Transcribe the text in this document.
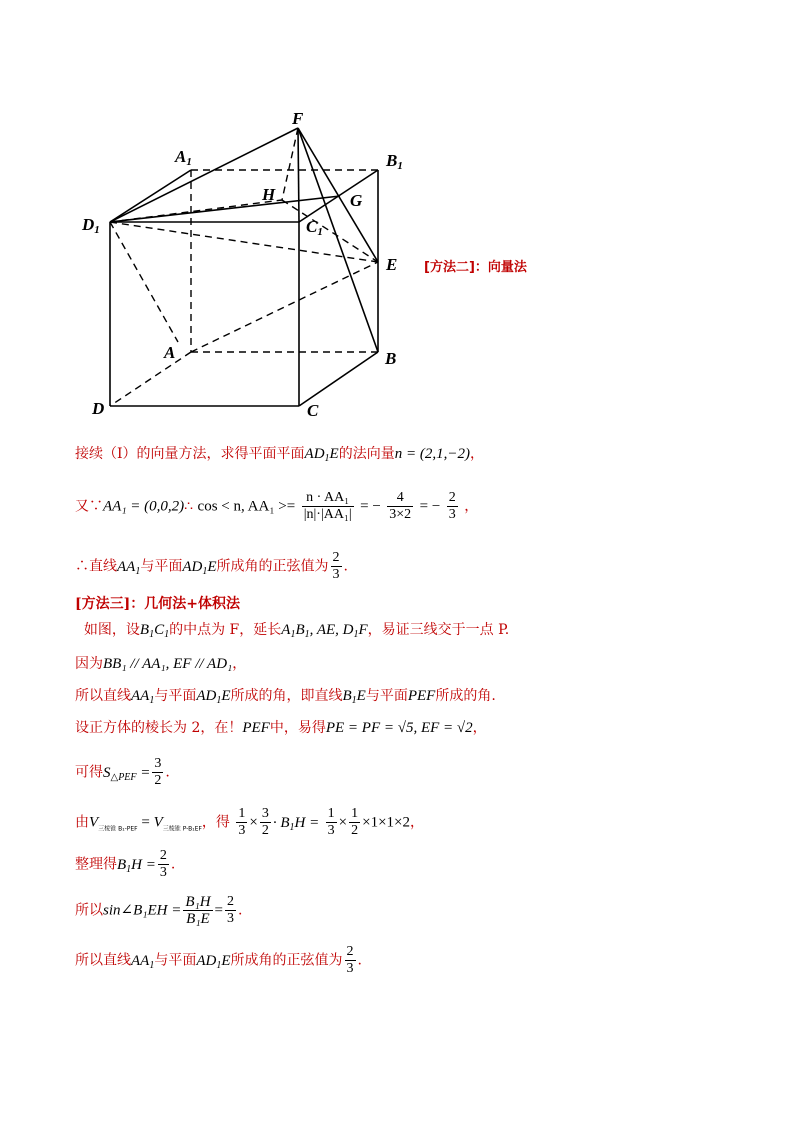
F
A1	B1
H	G
D1	C1
E
A	B
D	C
[方法二]：向量法
接续（I）的向量方法，求得平面平面$AD_1E$的法向量n = (2,1,−2)，
又∵AA₁ = (0,0,2)∴ cos < n, $AA_1 >= \frac{\text{n · AA₁}}{\text{|n|·|AA₁|}}$ = − $\frac{4}{3\times 2}$ = − $\frac{2}{3}$ ，
∴直线$AA_1$与平面$AD_1E$所成角的正弦值为 $\frac{2}{3}$ .
[方法三]：几何法+体积法
如图，设$B_1C_1$的中点为 F，延长$A_1B_1$, AE, $D_1F$，易证三线交于一点 P.
因为BB₁ // AA₁, EF // AD₁，
所以直线$AA_1$与平面$AD_1E$所成的角，即直线$B_1E$与平面PEF所成的角.
设正方体的棱长为 2，在！PEF中，易得PE = PF = √5, EF = √2，
可得$S_{\triangle PEF} = \frac{3}{2}$ .
由$V_{三棱锥 B_1-PEF} = V_{三棱锥 P-B_1EF}$，得 $\frac{1}{3} \times \frac{3}{2} \cdot B_1H = \frac{1}{3} \times \frac{1}{2} \times 1\times 1\times 2$，
整理得$B_1H = \frac{2}{3}$ .
所以sin∠B₁EH = $\frac{\text{B₁H}}{\text{B₁E}} = \frac{2}{3}$ .
所以直线$AA_1$与平面$AD_1E$所成角的正弦值为 $\frac{2}{3}$ .
